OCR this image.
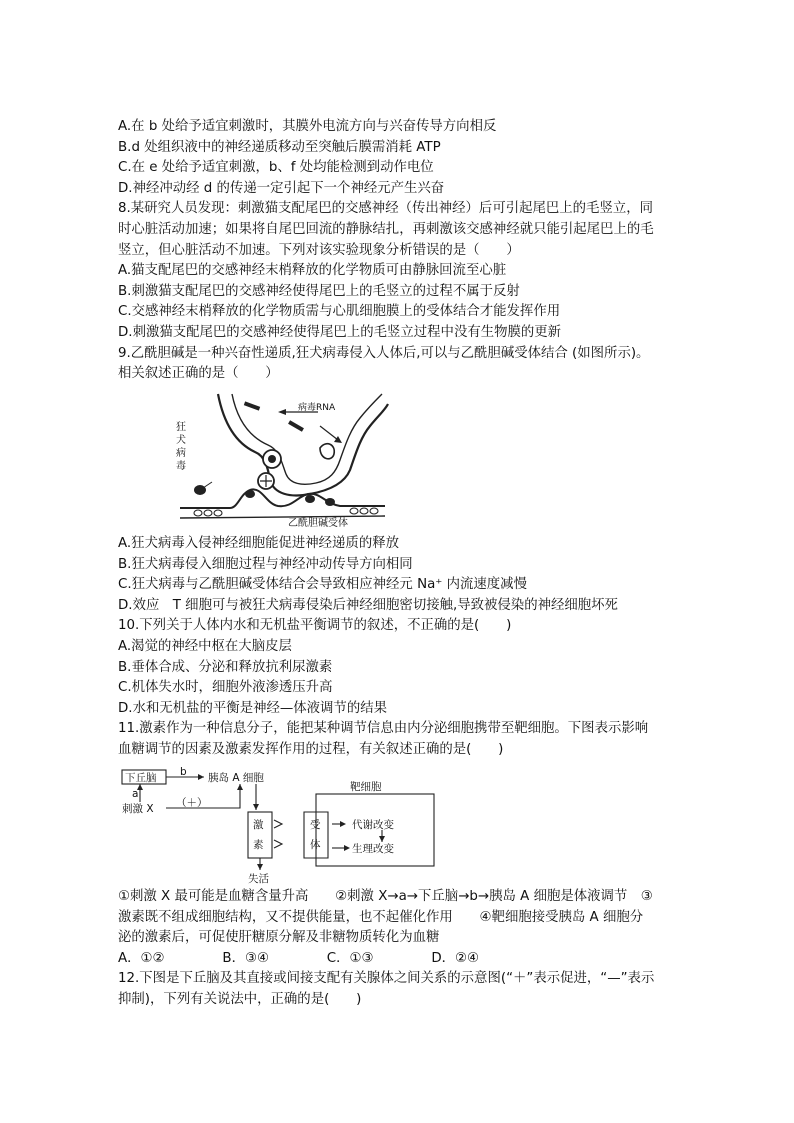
A.在 b 处给予适宜刺激时，其膜外电流方向与兴奋传导方向相反
B.d 处组织液中的神经递质移动至突触后膜需消耗 ATP
C.在 e 处给予适宜刺激，b、f 处均能检测到动作电位
D.神经冲动经 d 的传递一定引起下一个神经元产生兴奋
8.某研究人员发现：刺激猫支配尾巴的交感神经（传出神经）后可引起尾巴上的毛竖立，同
时心脏活动加速；如果将自尾巴回流的静脉结扎，再刺激该交感神经就只能引起尾巴上的毛
竖立，但心脏活动不加速。下列对该实验现象分析错误的是（　　）
A.猫支配尾巴的交感神经末梢释放的化学物质可由静脉回流至心脏
B.刺激猫支配尾巴的交感神经使得尾巴上的毛竖立的过程不属于反射
C.交感神经末梢释放的化学物质需与心肌细胞膜上的受体结合才能发挥作用
D.刺激猫支配尾巴的交感神经使得尾巴上的毛竖立过程中没有生物膜的更新
9.乙酰胆碱是一种兴奋性递质,狂犬病毒侵入人体后,可以与乙酰胆碱受体结合 (如图所示)。
相关叙述正确的是（　　）
病毒RNA
狂
犬
病
毒
乙酰胆碱受体
A.狂犬病毒入侵神经细胞能促进神经递质的释放
B.狂犬病毒侵入细胞过程与神经冲动传导方向相同
C.狂犬病毒与乙酰胆碱受体结合会导致相应神经元 Na⁺ 内流速度减慢
D.效应　T 细胞可与被狂犬病毒侵染后神经细胞密切接触,导致被侵染的神经细胞坏死
10.下列关于人体内水和无机盐平衡调节的叙述，不正确的是(　　)
A.渴觉的神经中枢在大脑皮层
B.垂体合成、分泌和释放抗利尿激素
C.机体失水时，细胞外液渗透压升高
D.水和无机盐的平衡是神经—体液调节的结果
11.激素作为一种信息分子，能把某种调节信息由内分泌细胞携带至靶细胞。下图表示影响
血糖调节的因素及激素发挥作用的过程，有关叙述正确的是(　　)
下丘脑 b 胰岛 A 细胞
a
刺激 X （＋）
靶细胞
激
素
受
体
代谢改变
生理改变
失活
①刺激 X 最可能是血糖含量升高　　②刺激 X→a→下丘脑→b→胰岛 A 细胞是体液调节　③
激素既不组成细胞结构，又不提供能量，也不起催化作用　　④靶细胞接受胰岛 A 细胞分
泌的激素后，可促使肝糖原分解及非糖物质转化为血糖
A．①②　　　　 B．③④　　　　 C．①③　　　　 D．②④
12.下图是下丘脑及其直接或间接支配有关腺体之间关系的示意图(“＋”表示促进，“—”表示
抑制)，下列有关说法中，正确的是(　　)
